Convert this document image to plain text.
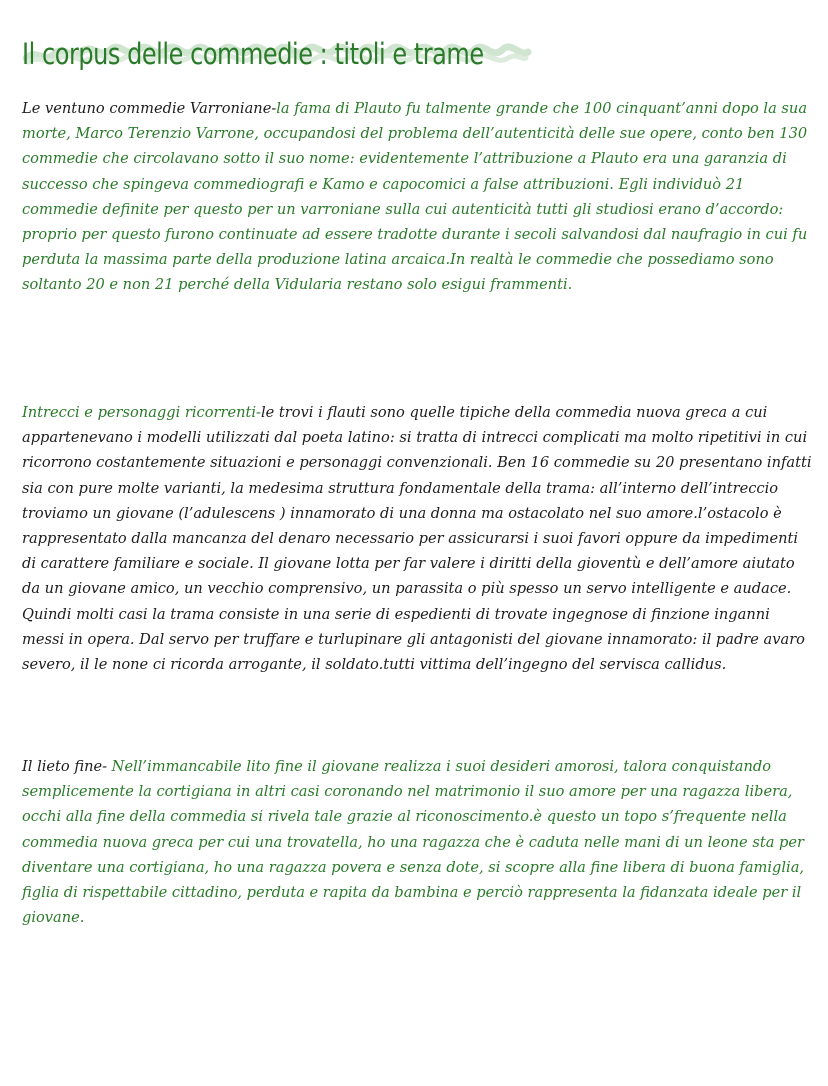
Il corpus delle commedie : titoli e trame

Le ventuno commedie Varroniane-la fama di Plauto fu talmente grande che 100 cinquant’anni dopo la sua morte, Marco Terenzio Varrone, occupandosi del problema dell’autenticità delle sue opere, conto ben 130 commedie che circolavano sotto il suo nome: evidentemente l’attribuzione a Plauto era una garanzia di successo che spingeva commediografi e Kamo e capocomici a false attribuzioni. Egli individuò 21 commedie definite per questo per un varroniane sulla cui autenticità tutti gli studiosi erano d’accordo: proprio per questo furono continuate ad essere tradotte durante i secoli salvandosi dal naufragio in cui fu perduta la massima parte della produzione latina arcaica.In realtà le commedie che possediamo sono soltanto 20 e non 21 perché della Vidularia restano solo esigui frammenti.

Intrecci e personaggi ricorrenti-le trovi i flauti sono quelle tipiche della commedia nuova greca a cui appartenevano i modelli utilizzati dal poeta latino: si tratta di intrecci complicati ma molto ripetitivi in cui ricorrono costantemente situazioni e personaggi convenzionali. Ben 16 commedie su 20 presentano infatti sia con pure molte varianti, la medesima struttura fondamentale della trama: all’interno dell’intreccio troviamo un giovane (l’adulescens ) innamorato di una donna ma ostacolato nel suo amore.l’ostacolo è rappresentato dalla mancanza del denaro necessario per assicurarsi i suoi favori oppure da impedimenti di carattere familiare e sociale. Il giovane lotta per far valere i diritti della gioventù e dell’amore aiutato da un giovane amico, un vecchio comprensivo, un parassita o più spesso un servo intelligente e audace. Quindi molti casi la trama consiste in una serie di espedienti di trovate ingegnose di finzione inganni messi in opera. Dal servo per truffare e turlupinare gli antagonisti del giovane innamorato: il padre avaro severo, il le none ci ricorda arrogante, il soldato.tutti vittima dell’ingegno del servisca callidus.

Il lieto fine- Nell’immancabile lito fine il giovane realizza i suoi desideri amorosi, talora conquistando semplicemente la cortigiana in altri casi coronando nel matrimonio il suo amore per una ragazza libera, occhi alla fine della commedia si rivela tale grazie al riconoscimento.è questo un topo s’frequente nella commedia nuova greca per cui una trovatella, ho una ragazza che è caduta nelle mani di un leone sta per diventare una cortigiana, ho una ragazza povera e senza dote, si scopre alla fine libera di buona famiglia, figlia di rispettabile cittadino, perduta e rapita da bambina e perciò rappresenta la fidanzata ideale per il giovane.
